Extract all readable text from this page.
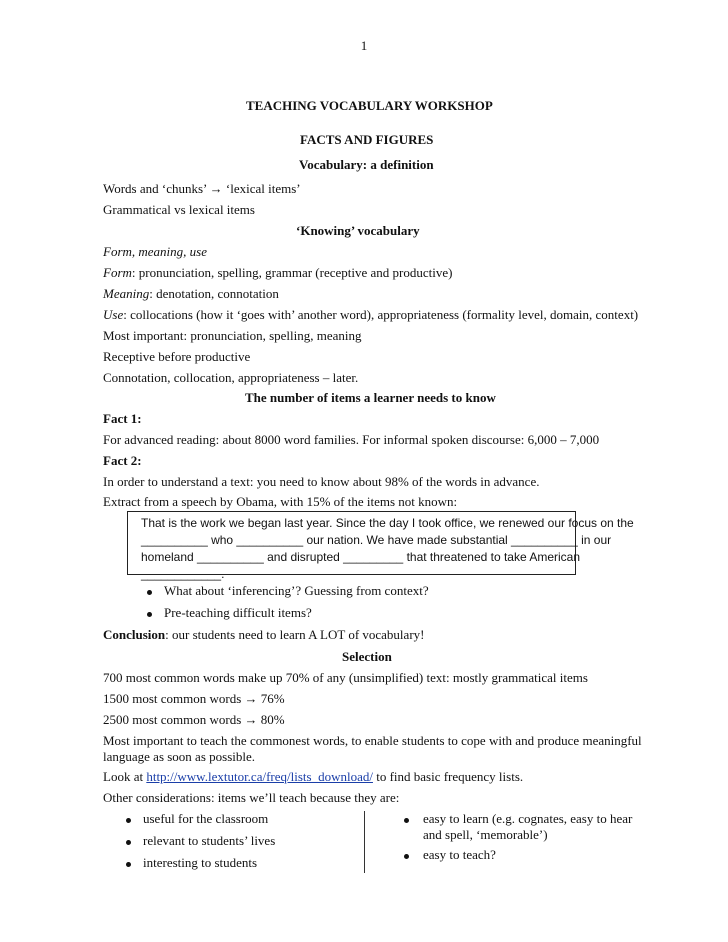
1
TEACHING VOCABULARY WORKSHOP
FACTS AND FIGURES
Vocabulary: a definition
Words and ‘chunks’ → ‘lexical items’
Grammatical vs lexical items
‘Knowing’ vocabulary
Form, meaning, use
Form: pronunciation, spelling, grammar (receptive and productive)
Meaning: denotation, connotation
Use: collocations (how it ‘goes with’ another word), appropriateness (formality level, domain, context)
Most important: pronunciation, spelling, meaning
Receptive before productive
Connotation, collocation, appropriateness – later.
The number of items a learner needs to know
Fact 1:
For advanced reading: about 8000 word families. For informal spoken discourse: 6,000 – 7,000
Fact 2:
In order to understand a text: you need to know about 98% of the words in advance.
Extract from a speech by Obama, with 15% of the items not known:
That is the work we began last year. Since the day I took office, we renewed our focus on the
__________ who __________ our nation. We have made substantial __________ in our
homeland __________ and disrupted _________ that threatened to take American
____________.
What about ‘inferencing’? Guessing from context?
Pre-teaching difficult items?
Conclusion: our students need to learn A LOT of vocabulary!
Selection
700 most common words make up 70% of any (unsimplified) text: mostly grammatical items
1500 most common words → 76%
2500 most common words → 80%
Most important to teach the commonest words, to enable students to cope with and produce meaningful
language as soon as possible.
Look at http://www.lextutor.ca/freq/lists_download/ to find basic frequency lists.
Other considerations: items we’ll teach because they are:
useful for the classroom
relevant to students’ lives
interesting to students
easy to learn (e.g. cognates, easy to hear
and spell, ‘memorable’)
easy to teach?
